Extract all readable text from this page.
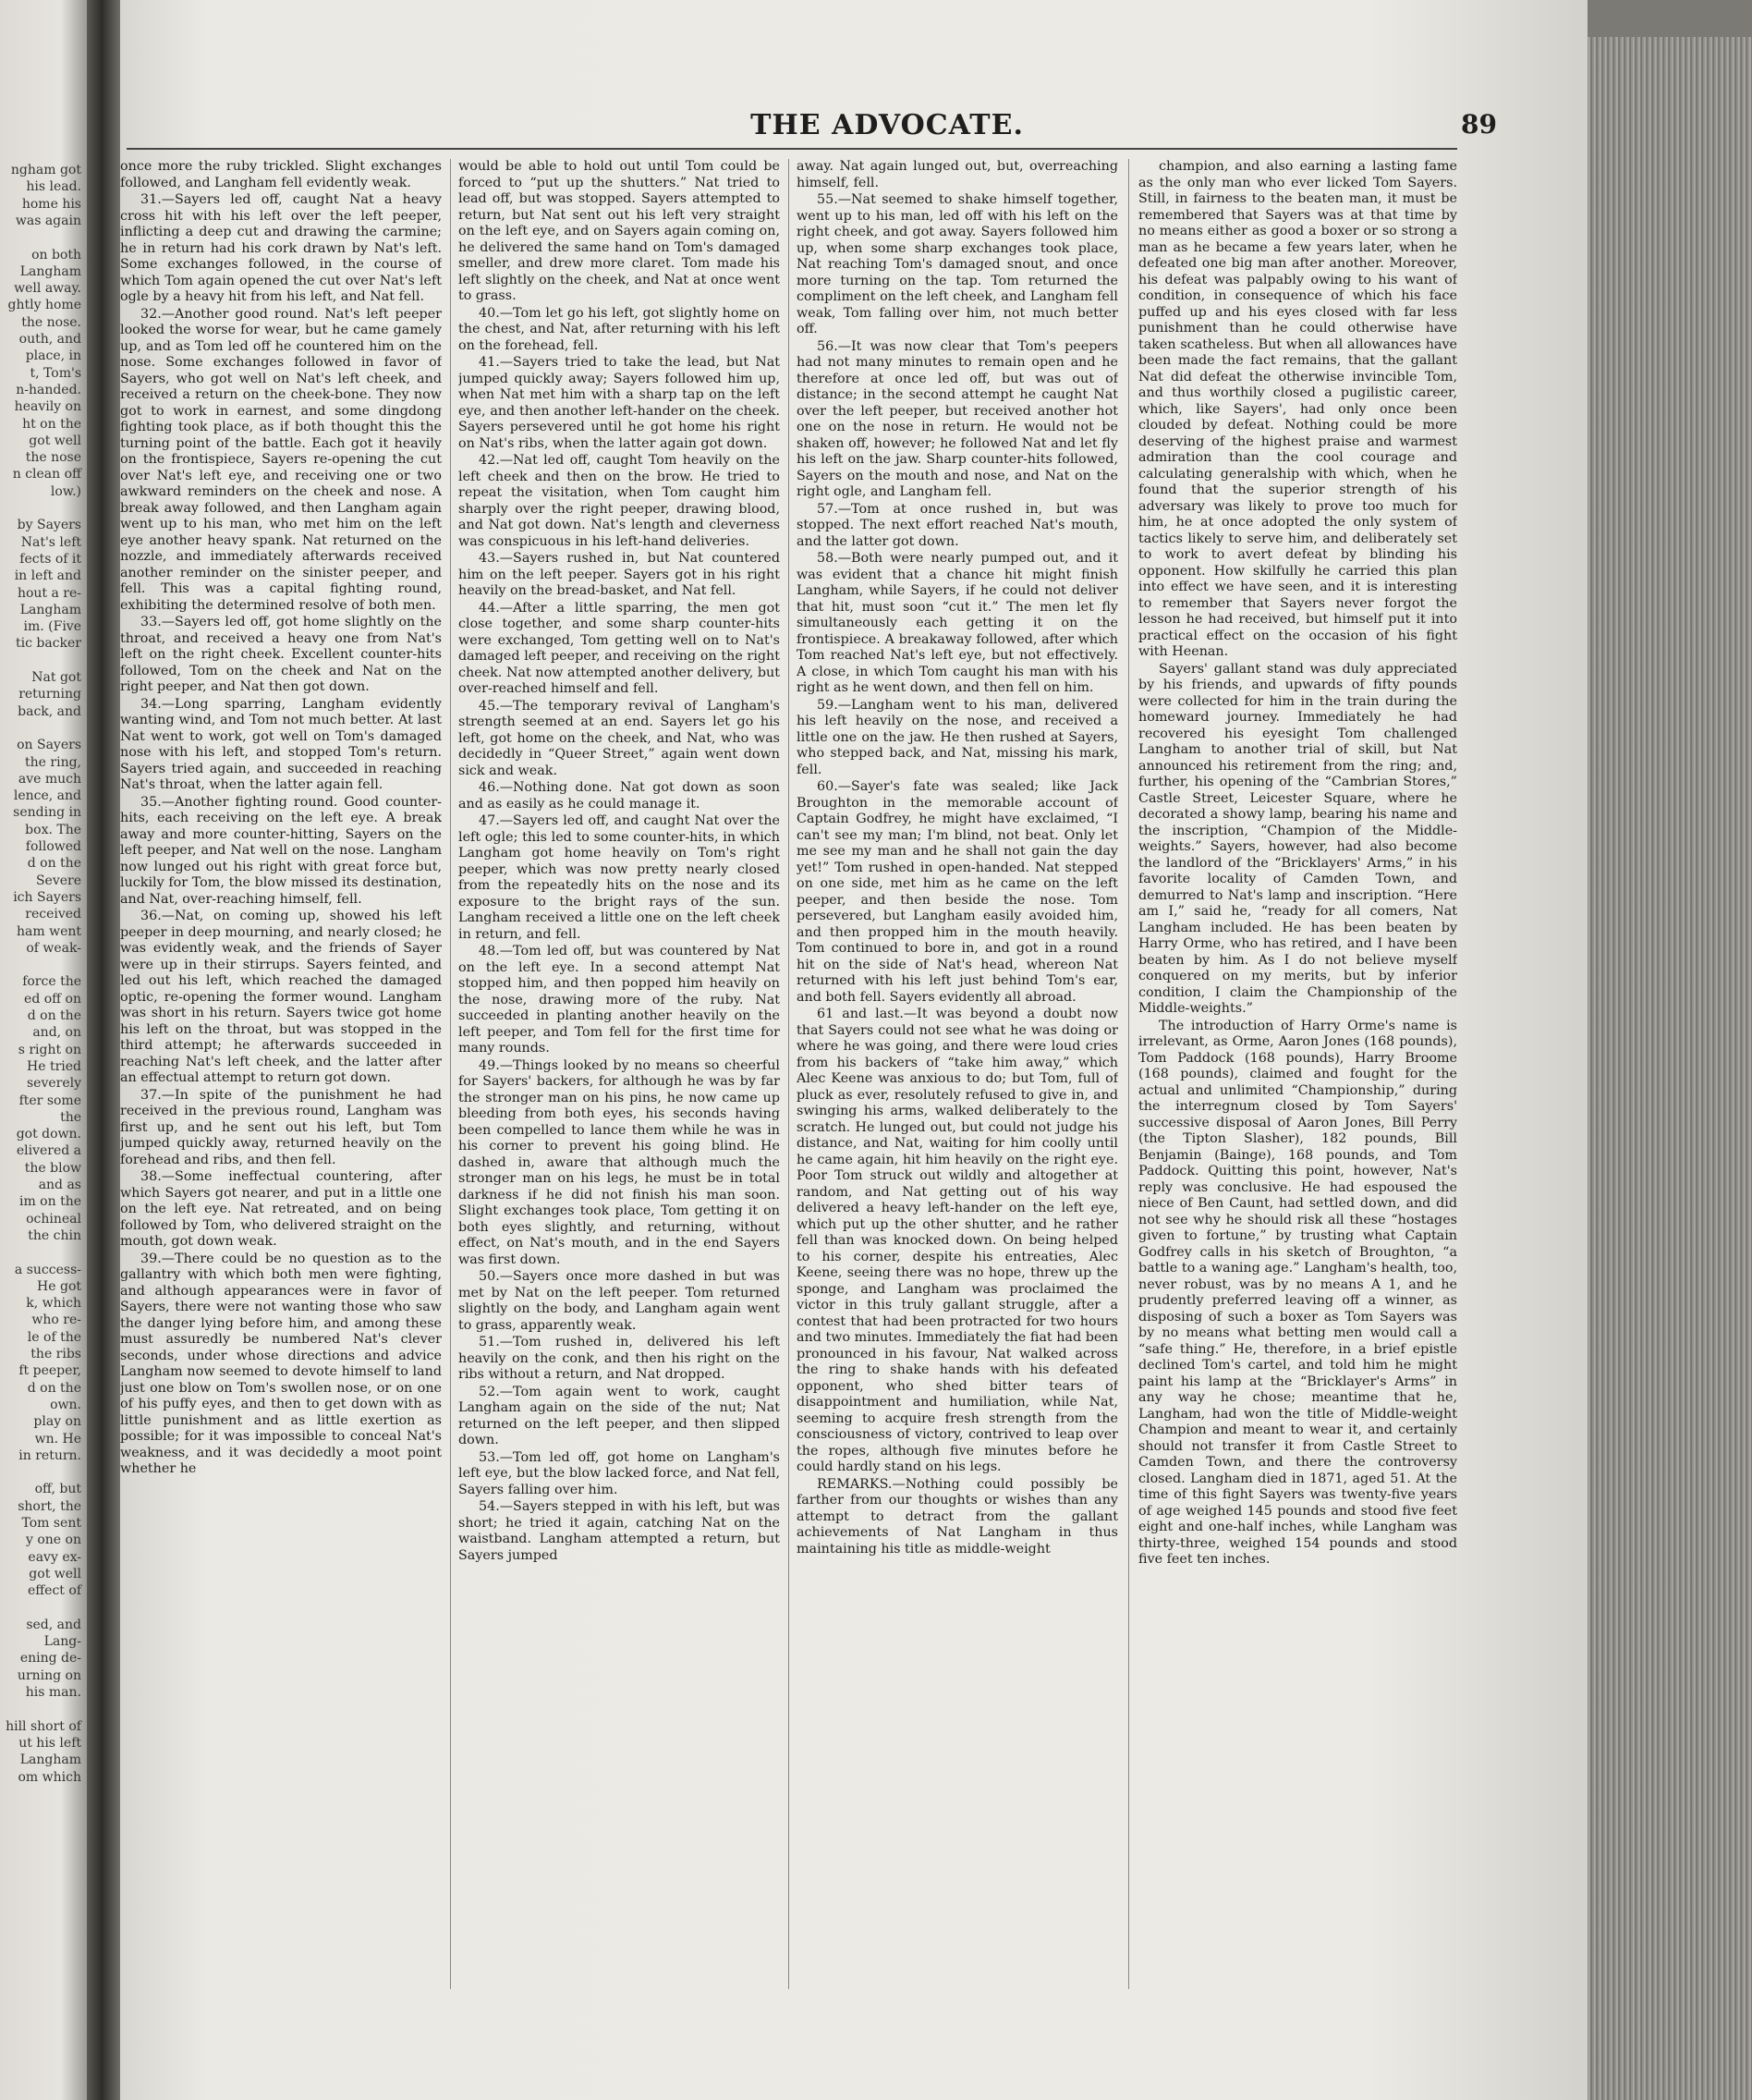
ngham got
his lead.
home his
was again
on both
Langham
well away.
ghtly home
the nose.
outh, and
place, in
t, Tom's
n-handed.
heavily on
ht on the
got well
the nose
n clean off
low.)
by Sayers
Nat's left
fects of it
in left and
hout a re-
Langham
im. (Five
tic backer
Nat got
returning
back, and
on Sayers
the ring,
ave much
lence, and
sending in
box. The
followed
d on the
Severe
ich Sayers
received
ham went
of weak-
force the
ed off on
d on the
and, on
s right on
He tried
severely
fter some
the
got down.
elivered a
the blow
and as
im on the
ochineal
the chin
a success-
He got
k, which
who re-
le of the
the ribs
ft peeper,
d on the
own.
play on
wn. He
in return.
off, but
short, the
Tom sent
y one on
eavy ex-
got well
effect of
sed, and
Lang-
ening de-
urning on
his man.
hill short of
ut his left
Langham
om which
THE ADVOCATE.	89

once more the ruby trickled. Slight exchanges followed, and Langham fell evidently weak.

31.—Sayers led off, caught Nat a heavy cross hit with his left over the left peeper, inflicting a deep cut and drawing the carmine; he in return had his cork drawn by Nat's left. Some exchanges followed, in the course of which Tom again opened the cut over Nat's left ogle by a heavy hit from his left, and Nat fell.

32.—Another good round. Nat's left peeper looked the worse for wear, but he came gamely up, and as Tom led off he countered him on the nose. Some exchanges followed in favor of Sayers, who got well on Nat's left cheek, and received a return on the cheek-bone. They now got to work in earnest, and some dingdong fighting took place, as if both thought this the turning point of the battle. Each got it heavily on the frontispiece, Sayers re-opening the cut over Nat's left eye, and receiving one or two awkward reminders on the cheek and nose. A break away followed, and then Langham again went up to his man, who met him on the left eye another heavy spank. Nat returned on the nozzle, and immediately afterwards received another reminder on the sinister peeper, and fell. This was a capital fighting round, exhibiting the determined resolve of both men.

33.—Sayers led off, got home slightly on the throat, and received a heavy one from Nat's left on the right cheek. Excellent counter-hits followed, Tom on the cheek and Nat on the right peeper, and Nat then got down.

34.—Long sparring, Langham evidently wanting wind, and Tom not much better. At last Nat went to work, got well on Tom's damaged nose with his left, and stopped Tom's return. Sayers tried again, and succeeded in reaching Nat's throat, when the latter again fell.

35.—Another fighting round. Good counter-hits, each receiving on the left eye. A break away and more counter-hitting, Sayers on the left peeper, and Nat well on the nose. Langham now lunged out his right with great force but, luckily for Tom, the blow missed its destination, and Nat, over-reaching himself, fell.

36.—Nat, on coming up, showed his left peeper in deep mourning, and nearly closed; he was evidently weak, and the friends of Sayer were up in their stirrups. Sayers feinted, and led out his left, which reached the damaged optic, re-opening the former wound. Langham was short in his return. Sayers twice got home his left on the throat, but was stopped in the third attempt; he afterwards succeeded in reaching Nat's left cheek, and the latter after an effectual attempt to return got down.

37.—In spite of the punishment he had received in the previous round, Langham was first up, and he sent out his left, but Tom jumped quickly away, returned heavily on the forehead and ribs, and then fell.

38.—Some ineffectual countering, after which Sayers got nearer, and put in a little one on the left eye. Nat retreated, and on being followed by Tom, who delivered straight on the mouth, got down weak.

39.—There could be no question as to the gallantry with which both men were fighting, and although appearances were in favor of Sayers, there were not wanting those who saw the danger lying before him, and among these must assuredly be numbered Nat's clever seconds, under whose directions and advice Langham now seemed to devote himself to land just one blow on Tom's swollen nose, or on one of his puffy eyes, and then to get down with as little punishment and as little exertion as possible; for it was impossible to conceal Nat's weakness, and it was decidedly a moot point whether he

would be able to hold out until Tom could be forced to “put up the shutters.” Nat tried to lead off, but was stopped. Sayers attempted to return, but Nat sent out his left very straight on the left eye, and on Sayers again coming on, he delivered the same hand on Tom's damaged smeller, and drew more claret. Tom made his left slightly on the cheek, and Nat at once went to grass.

40.—Tom let go his left, got slightly home on the chest, and Nat, after returning with his left on the forehead, fell.

41.—Sayers tried to take the lead, but Nat jumped quickly away; Sayers followed him up, when Nat met him with a sharp tap on the left eye, and then another left-hander on the cheek. Sayers persevered until he got home his right on Nat's ribs, when the latter again got down.

42.—Nat led off, caught Tom heavily on the left cheek and then on the brow. He tried to repeat the visitation, when Tom caught him sharply over the right peeper, drawing blood, and Nat got down. Nat's length and cleverness was conspicuous in his left-hand deliveries.

43.—Sayers rushed in, but Nat countered him on the left peeper. Sayers got in his right heavily on the bread-basket, and Nat fell.

44.—After a little sparring, the men got close together, and some sharp counter-hits were exchanged, Tom getting well on to Nat's damaged left peeper, and receiving on the right cheek. Nat now attempted another delivery, but over-reached himself and fell.

45.—The temporary revival of Langham's strength seemed at an end. Sayers let go his left, got home on the cheek, and Nat, who was decidedly in “Queer Street,” again went down sick and weak.

46.—Nothing done. Nat got down as soon and as easily as he could manage it.

47.—Sayers led off, and caught Nat over the left ogle; this led to some counter-hits, in which Langham got home heavily on Tom's right peeper, which was now pretty nearly closed from the repeatedly hits on the nose and its exposure to the bright rays of the sun. Langham received a little one on the left cheek in return, and fell.

48.—Tom led off, but was countered by Nat on the left eye. In a second attempt Nat stopped him, and then popped him heavily on the nose, drawing more of the ruby. Nat succeeded in planting another heavily on the left peeper, and Tom fell for the first time for many rounds.

49.—Things looked by no means so cheerful for Sayers' backers, for although he was by far the stronger man on his pins, he now came up bleeding from both eyes, his seconds having been compelled to lance them while he was in his corner to prevent his going blind. He dashed in, aware that although much the stronger man on his legs, he must be in total darkness if he did not finish his man soon. Slight exchanges took place, Tom getting it on both eyes slightly, and returning, without effect, on Nat's mouth, and in the end Sayers was first down.

50.—Sayers once more dashed in but was met by Nat on the left peeper. Tom returned slightly on the body, and Langham again went to grass, apparently weak.

51.—Tom rushed in, delivered his left heavily on the conk, and then his right on the ribs without a return, and Nat dropped.

52.—Tom again went to work, caught Langham again on the side of the nut; Nat returned on the left peeper, and then slipped down.

53.—Tom led off, got home on Langham's left eye, but the blow lacked force, and Nat fell, Sayers falling over him.

54.—Sayers stepped in with his left, but was short; he tried it again, catching Nat on the waistband. Langham attempted a return, but Sayers jumped

away. Nat again lunged out, but, overreaching himself, fell.

55.—Nat seemed to shake himself together, went up to his man, led off with his left on the right cheek, and got away. Sayers followed him up, when some sharp exchanges took place, Nat reaching Tom's damaged snout, and once more turning on the tap. Tom returned the compliment on the left cheek, and Langham fell weak, Tom falling over him, not much better off.

56.—It was now clear that Tom's peepers had not many minutes to remain open and he therefore at once led off, but was out of distance; in the second attempt he caught Nat over the left peeper, but received another hot one on the nose in return. He would not be shaken off, however; he followed Nat and let fly his left on the jaw. Sharp counter-hits followed, Sayers on the mouth and nose, and Nat on the right ogle, and Langham fell.

57.—Tom at once rushed in, but was stopped. The next effort reached Nat's mouth, and the latter got down.

58.—Both were nearly pumped out, and it was evident that a chance hit might finish Langham, while Sayers, if he could not deliver that hit, must soon “cut it.” The men let fly simultaneously each getting it on the frontispiece. A breakaway followed, after which Tom reached Nat's left eye, but not effectively. A close, in which Tom caught his man with his right as he went down, and then fell on him.

59.—Langham went to his man, delivered his left heavily on the nose, and received a little one on the jaw. He then rushed at Sayers, who stepped back, and Nat, missing his mark, fell.

60.—Sayer's fate was sealed; like Jack Broughton in the memorable account of Captain Godfrey, he might have exclaimed, “I can't see my man; I'm blind, not beat. Only let me see my man and he shall not gain the day yet!” Tom rushed in open-handed. Nat stepped on one side, met him as he came on the left peeper, and then beside the nose. Tom persevered, but Langham easily avoided him, and then propped him in the mouth heavily. Tom continued to bore in, and got in a round hit on the side of Nat's head, whereon Nat returned with his left just behind Tom's ear, and both fell. Sayers evidently all abroad.

61 and last.—It was beyond a doubt now that Sayers could not see what he was doing or where he was going, and there were loud cries from his backers of “take him away,” which Alec Keene was anxious to do; but Tom, full of pluck as ever, resolutely refused to give in, and swinging his arms, walked deliberately to the scratch. He lunged out, but could not judge his distance, and Nat, waiting for him coolly until he came again, hit him heavily on the right eye. Poor Tom struck out wildly and altogether at random, and Nat getting out of his way delivered a heavy left-hander on the left eye, which put up the other shutter, and he rather fell than was knocked down. On being helped to his corner, despite his entreaties, Alec Keene, seeing there was no hope, threw up the sponge, and Langham was proclaimed the victor in this truly gallant struggle, after a contest that had been protracted for two hours and two minutes. Immediately the fiat had been pronounced in his favour, Nat walked across the ring to shake hands with his defeated opponent, who shed bitter tears of disappointment and humiliation, while Nat, seeming to acquire fresh strength from the consciousness of victory, contrived to leap over the ropes, although five minutes before he could hardly stand on his legs.

REMARKS.—Nothing could possibly be farther from our thoughts or wishes than any attempt to detract from the gallant achievements of Nat Langham in thus maintaining his title as middle-weight

champion, and also earning a lasting fame as the only man who ever licked Tom Sayers. Still, in fairness to the beaten man, it must be remembered that Sayers was at that time by no means either as good a boxer or so strong a man as he became a few years later, when he defeated one big man after another. Moreover, his defeat was palpably owing to his want of condition, in consequence of which his face puffed up and his eyes closed with far less punishment than he could otherwise have taken scatheless. But when all allowances have been made the fact remains, that the gallant Nat did defeat the otherwise invincible Tom, and thus worthily closed a pugilistic career, which, like Sayers', had only once been clouded by defeat. Nothing could be more deserving of the highest praise and warmest admiration than the cool courage and calculating generalship with which, when he found that the superior strength of his adversary was likely to prove too much for him, he at once adopted the only system of tactics likely to serve him, and deliberately set to work to avert defeat by blinding his opponent. How skilfully he carried this plan into effect we have seen, and it is interesting to remember that Sayers never forgot the lesson he had received, but himself put it into practical effect on the occasion of his fight with Heenan.

Sayers' gallant stand was duly appreciated by his friends, and upwards of fifty pounds were collected for him in the train during the homeward journey. Immediately he had recovered his eyesight Tom challenged Langham to another trial of skill, but Nat announced his retirement from the ring; and, further, his opening of the “Cambrian Stores,” Castle Street, Leicester Square, where he decorated a showy lamp, bearing his name and the inscription, “Champion of the Middle-weights.” Sayers, however, had also become the landlord of the “Bricklayers' Arms,” in his favorite locality of Camden Town, and demurred to Nat's lamp and inscription. “Here am I,” said he, “ready for all comers, Nat Langham included. He has been beaten by Harry Orme, who has retired, and I have been beaten by him. As I do not believe myself conquered on my merits, but by inferior condition, I claim the Championship of the Middle-weights.”

The introduction of Harry Orme's name is irrelevant, as Orme, Aaron Jones (168 pounds), Tom Paddock (168 pounds), Harry Broome (168 pounds), claimed and fought for the actual and unlimited “Championship,” during the interregnum closed by Tom Sayers' successive disposal of Aaron Jones, Bill Perry (the Tipton Slasher), 182 pounds, Bill Benjamin (Bainge), 168 pounds, and Tom Paddock. Quitting this point, however, Nat's reply was conclusive. He had espoused the niece of Ben Caunt, had settled down, and did not see why he should risk all these “hostages given to fortune,” by trusting what Captain Godfrey calls in his sketch of Broughton, “a battle to a waning age.” Langham's health, too, never robust, was by no means A 1, and he prudently preferred leaving off a winner, as disposing of such a boxer as Tom Sayers was by no means what betting men would call a “safe thing.” He, therefore, in a brief epistle declined Tom's cartel, and told him he might paint his lamp at the “Bricklayer's Arms” in any way he chose; meantime that he, Langham, had won the title of Middle-weight Champion and meant to wear it, and certainly should not transfer it from Castle Street to Camden Town, and there the controversy closed. Langham died in 1871, aged 51. At the time of this fight Sayers was twenty-five years of age weighed 145 pounds and stood five feet eight and one-half inches, while Langham was thirty-three, weighed 154 pounds and stood five feet ten inches.
